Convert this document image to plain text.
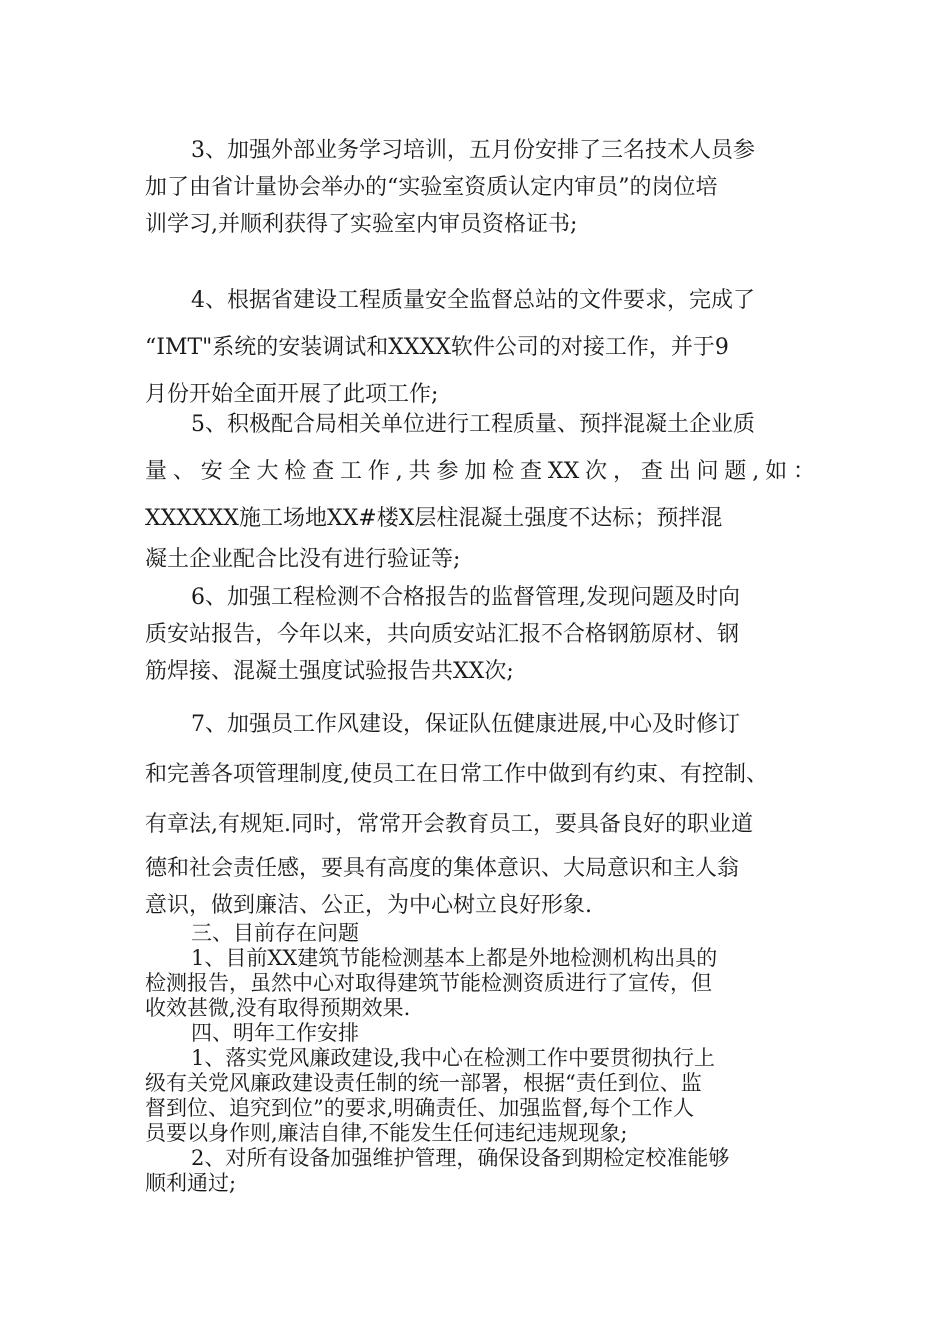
3、加强外部业务学习培训，五月份安排了三名技术人员参
加了由省计量协会举办的“实验室资质认定内审员”的岗位培
训学习,并顺利获得了实验室内审员资格证书;
4、根据省建设工程质量安全监督总站的文件要求，完成了
“IMT"系统的安装调试和XXXX软件公司的对接工作，并于9
月份开始全面开展了此项工作;
5、积极配合局相关单位进行工程质量、预拌混凝土企业质
量、安全大检查工作,共参加检查XX次，查出问题,如：
XXXXXX施工场地XX#楼X层柱混凝土强度不达标；预拌混
凝土企业配合比没有进行验证等;
6、加强工程检测不合格报告的监督管理,发现问题及时向
质安站报告，今年以来，共向质安站汇报不合格钢筋原材、钢
筋焊接、混凝土强度试验报告共XX次;
7、加强员工作风建设，保证队伍健康进展,中心及时修订
和完善各项管理制度,使员工在日常工作中做到有约束、有控制、
有章法,有规矩.同时，常常开会教育员工，要具备良好的职业道
德和社会责任感，要具有高度的集体意识、大局意识和主人翁
意识，做到廉洁、公正，为中心树立良好形象.
三、目前存在问题
1、目前XX建筑节能检测基本上都是外地检测机构出具的
检测报告，虽然中心对取得建筑节能检测资质进行了宣传，但
收效甚微,没有取得预期效果.
四、明年工作安排
1、落实党风廉政建设,我中心在检测工作中要贯彻执行上
级有关党风廉政建设责任制的统一部署，根据“责任到位、监
督到位、追究到位”的要求,明确责任、加强监督,每个工作人
员要以身作则,廉洁自律,不能发生任何违纪违规现象;
2、对所有设备加强维护管理，确保设备到期检定校准能够
顺利通过;
